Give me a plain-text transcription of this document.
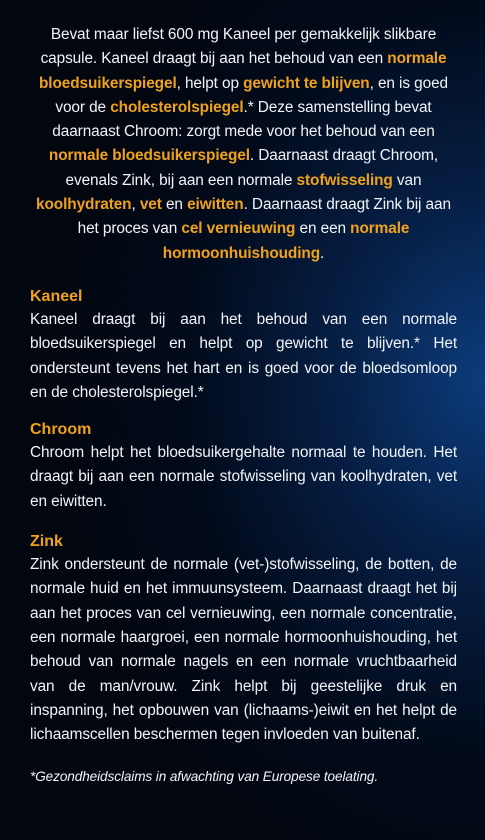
Bevat maar liefst 600 mg Kaneel per gemakkelijk slikbare capsule. Kaneel draagt bij aan het behoud van een normale bloedsuikerspiegel, helpt op gewicht te blijven, en is goed voor de cholesterolspiegel.* Deze samenstelling bevat daarnaast Chroom: zorgt mede voor het behoud van een normale bloedsuikerspiegel. Daarnaast draagt Chroom, evenals Zink, bij aan een normale stofwisseling van koolhydraten, vet en eiwitten. Daarnaast draagt Zink bij aan het proces van cel vernieuwing en een normale hormoonhuishouding.

Kaneel

Kaneel draagt bij aan het behoud van een normale bloedsuikerspiegel en helpt op gewicht te blijven.* Het ondersteunt tevens het hart en is goed voor de bloedsomloop en de cholesterolspiegel.*

Chroom

Chroom helpt het bloedsuikergehalte normaal te houden. Het draagt bij aan een normale stofwisseling van koolhydraten, vet en eiwitten.

Zink

Zink ondersteunt de normale (vet-)stofwisseling, de botten, de normale huid en het immuunsysteem. Daarnaast draagt het bij aan het proces van cel vernieuwing, een normale concentratie, een normale haargroei, een normale hormoonhuishouding, het behoud van normale nagels en een normale vruchtbaarheid van de man/vrouw. Zink helpt bij geestelijke druk en inspanning, het opbouwen van (lichaams-)eiwit en het helpt de lichaamscellen beschermen tegen invloeden van buitenaf.

*Gezondheidsclaims in afwachting van Europese toelating.
